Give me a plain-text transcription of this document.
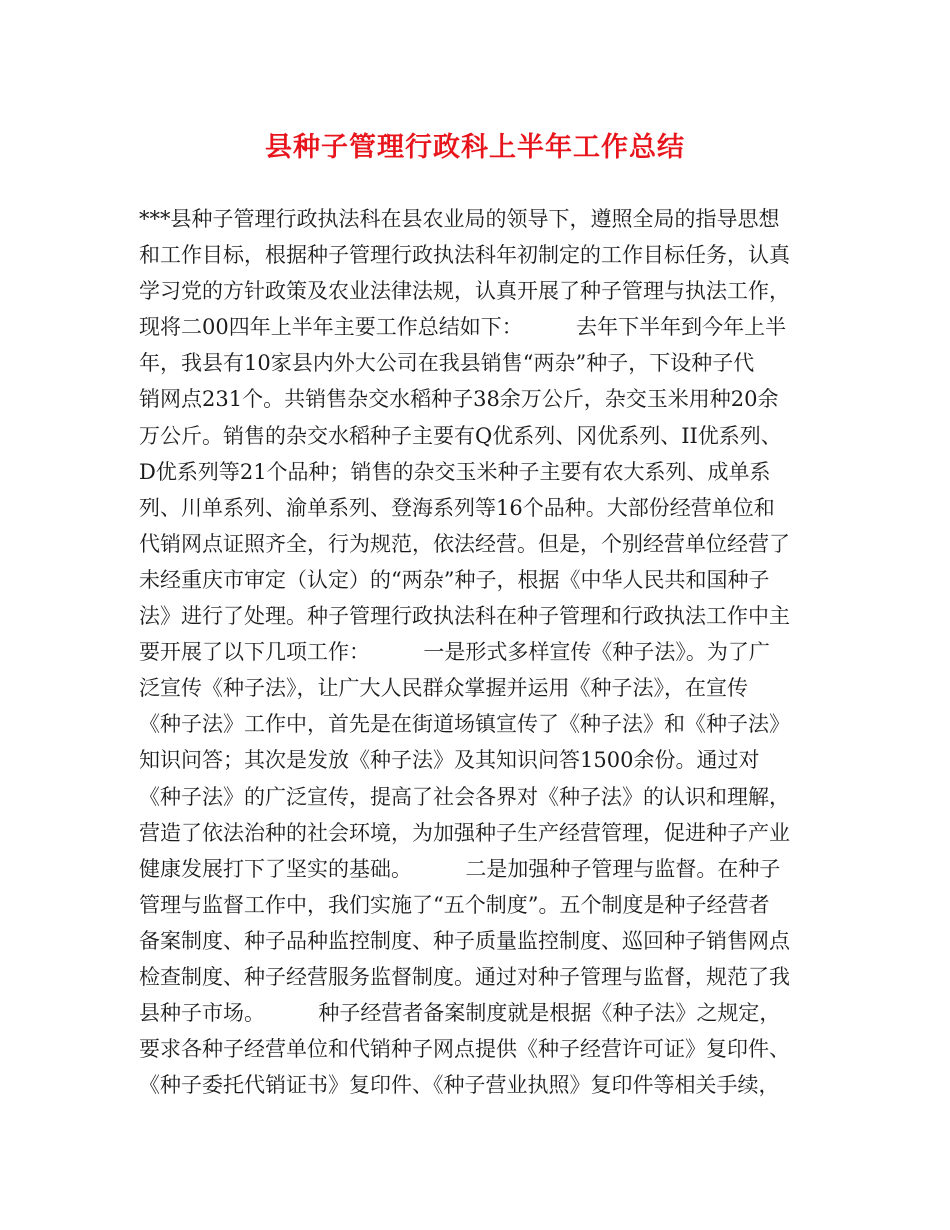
县种子管理行政科上半年工作总结
***县种子管理行政执法科在县农业局的领导下，遵照全局的指导思想
和工作目标，根据种子管理行政执法科年初制定的工作目标任务，认真
学习党的方针政策及农业法律法规，认真开展了种子管理与执法工作，
现将二00四年上半年主要工作总结如下：        去年下半年到今年上半
年，我县有10家县内外大公司在我县销售“两杂”种子，下设种子代
销网点231个。共销售杂交水稻种子38余万公斤，杂交玉米用种20余
万公斤。销售的杂交水稻种子主要有Q优系列、冈优系列、II优系列、
D优系列等21个品种；销售的杂交玉米种子主要有农大系列、成单系
列、川单系列、渝单系列、登海系列等16个品种。大部份经营单位和
代销网点证照齐全，行为规范，依法经营。但是，个别经营单位经营了
未经重庆市审定（认定）的“两杂”种子，根据《中华人民共和国种子
法》进行了处理。种子管理行政执法科在种子管理和行政执法工作中主
要开展了以下几项工作：        一是形式多样宣传《种子法》。为了广
泛宣传《种子法》，让广大人民群众掌握并运用《种子法》，在宣传
《种子法》工作中，首先是在街道场镇宣传了《种子法》和《种子法》
知识问答；其次是发放《种子法》及其知识问答1500余份。通过对
《种子法》的广泛宣传，提高了社会各界对《种子法》的认识和理解，
营造了依法治种的社会环境，为加强种子生产经营管理，促进种子产业
健康发展打下了坚实的基础。        二是加强种子管理与监督。在种子
管理与监督工作中，我们实施了“五个制度”。五个制度是种子经营者
备案制度、种子品种监控制度、种子质量监控制度、巡回种子销售网点
检查制度、种子经营服务监督制度。通过对种子管理与监督，规范了我
县种子市场。        种子经营者备案制度就是根据《种子法》之规定，
要求各种子经营单位和代销种子网点提供《种子经营许可证》复印件、
《种子委托代销证书》复印件、《种子营业执照》复印件等相关手续，
